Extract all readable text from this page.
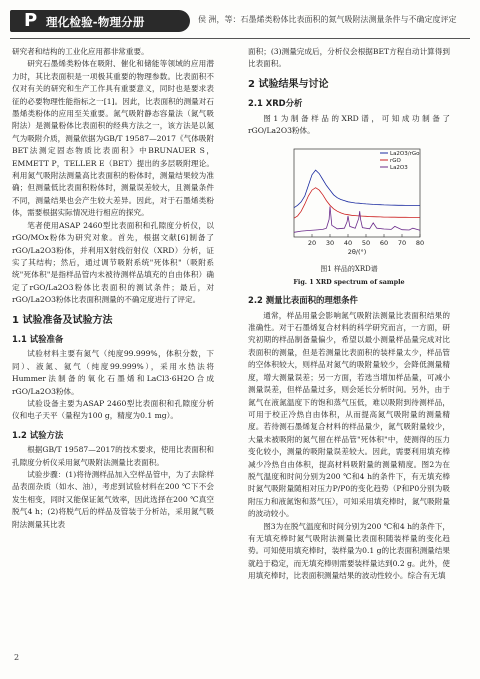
P 理化检验-物理分册	侯 洲，等：石墨烯类粉体比表面积的氮气吸附法测量条件与不确定度评定

研究者和结构的工业化应用都非常重要。

研究石墨烯类粉体在吸附、催化和储能等领域的应用潜力时，其比表面积是一项极其重要的物理参数。比表面积不仅对有关的研究和生产工作具有重要意义，同时也是要求表征的必要物理性能指标之一[1]。因此，比表面积的测量对石墨烯类粉体的应用至关重要。氮气吸附静态容量法（氮气吸附法）是测量粉体比表面积的经典方法之一，该方法是以氮气为吸附介质，测量依据为GB/T 19587—2017《气体吸附BET法测定固态物质比表面积》中BRUNAUER S，EMMETT P，TELLER E（BET）提出的多层吸附理论。利用氮气吸附法测量高比表面积的粉体时，测量结果较为准确；但测量低比表面积粉体时，测量误差较大，且测量条件不同，测量结果也会产生较大差异。因此，对于石墨烯类粉体，需要根据实际情况进行相应的探究。

笔者使用ASAP 2460型比表面积和孔隙度分析仪，以rGO/MOx粉体为研究对象。首先，根据文献[6]制备了rGO/La2O3粉体，并利用X射线衍射仪（XRD）分析，证实了其结构；然后，通过调节吸附系统"死体积"（吸附系统"死体积"是指样品管内未被待测样品填充的自由体积）确定了rGO/La2O3粉体比表面积的测试条件；最后，对rGO/La2O3粉体比表面积测量的不确定度进行了评定。

1 试验准备及试验方法
1.1 试验准备

试验材料主要有氮气（纯度99.999%，体积分数，下同）、液氮、氦气（纯度99.999%），采用水热法将Hummer法制备的氧化石墨烯和LaCl3·6H2O合成rGO/La2O3粉体。

试验设备主要为ASAP 2460型比表面积和孔隙度分析仪和电子天平（量程为100 g，精度为0.1 mg）。

1.2 试验方法

根据GB/T 19587—2017的技术要求，使用比表面积和孔隙度分析仪采用氮气吸附法测量比表面积。

试验步骤：(1)将待测样品加入空样品管中，为了去除样品表面杂质（如水、油），考虑到试验材料在200 ℃下不会发生相变，同时又能保证氮气效率，因此选择在200 ℃真空脱气4 h；(2)将脱气后的样品及管装于分析站，采用氮气吸附法测量其比表

面积；(3)测量完成后，分析仪会根据BET方程自动计算得到比表面积。

2 试验结果与讨论
2.1 XRD分析

图1为制备样品的XRD谱，可知成功制备了rGO/La2O3粉体。

20 30 40 50 60 70 80
2θ/(°)
La2O3/rGo
rGO
La2O3
图1 样品的XRD谱
Fig. 1 XRD spectrum of sample
2.2 测量比表面积的理想条件

通常，样品用量会影响氮气吸附法测量比表面积结果的准确性。对于石墨烯复合材料的科学研究而言，一方面，研究初期的样品制备量偏少，希望以最小测量样品量完成对比表面积的测量，但是若测量比表面积的装样量太少，样品管的空体积较大，则样品对氮气的吸附量较少，会降低测量精度，增大测量误差；另一方面，若选当增加样品量，可减小测量误差，但样品量过多，则会延长分析时间。另外，由于氮气在液氮温度下的饱和蒸气压低，难以吸附到待测样品，可用于校正冷热自由体积，从而提高氮气吸附量的测量精度。若待测石墨烯复合材料的样品量少，氮气吸附量较少，大量未被吸附的氮气留在样品管"死体积"中，使测得的压力变化较小，测量的吸附量误差较大。因此，需要利用填充棒减少冷热自由体积，提高材料吸附量的测量精度。图2为在脱气温度和时间分别为200 ℃和4 h的条件下，有无填充棒时氮气吸附量随相对压力P/P0的变化趋势（P和P0分别为吸附压力和液氮饱和蒸气压），可知采用填充棒时，氮气吸附量的波动较小。

图3为在脱气温度和时间分别为200 ℃和4 h的条件下，有无填充棒时氮气吸附法测量比表面积随装样量的变化趋势。可知使用填充棒时，装样量为0.1 g的比表面积测量结果就趋于稳定，而无填充棒则需要装样量达到0.2 g。此外，使用填充棒时，比表面积测量结果的波动性较小。综合有无填

2
